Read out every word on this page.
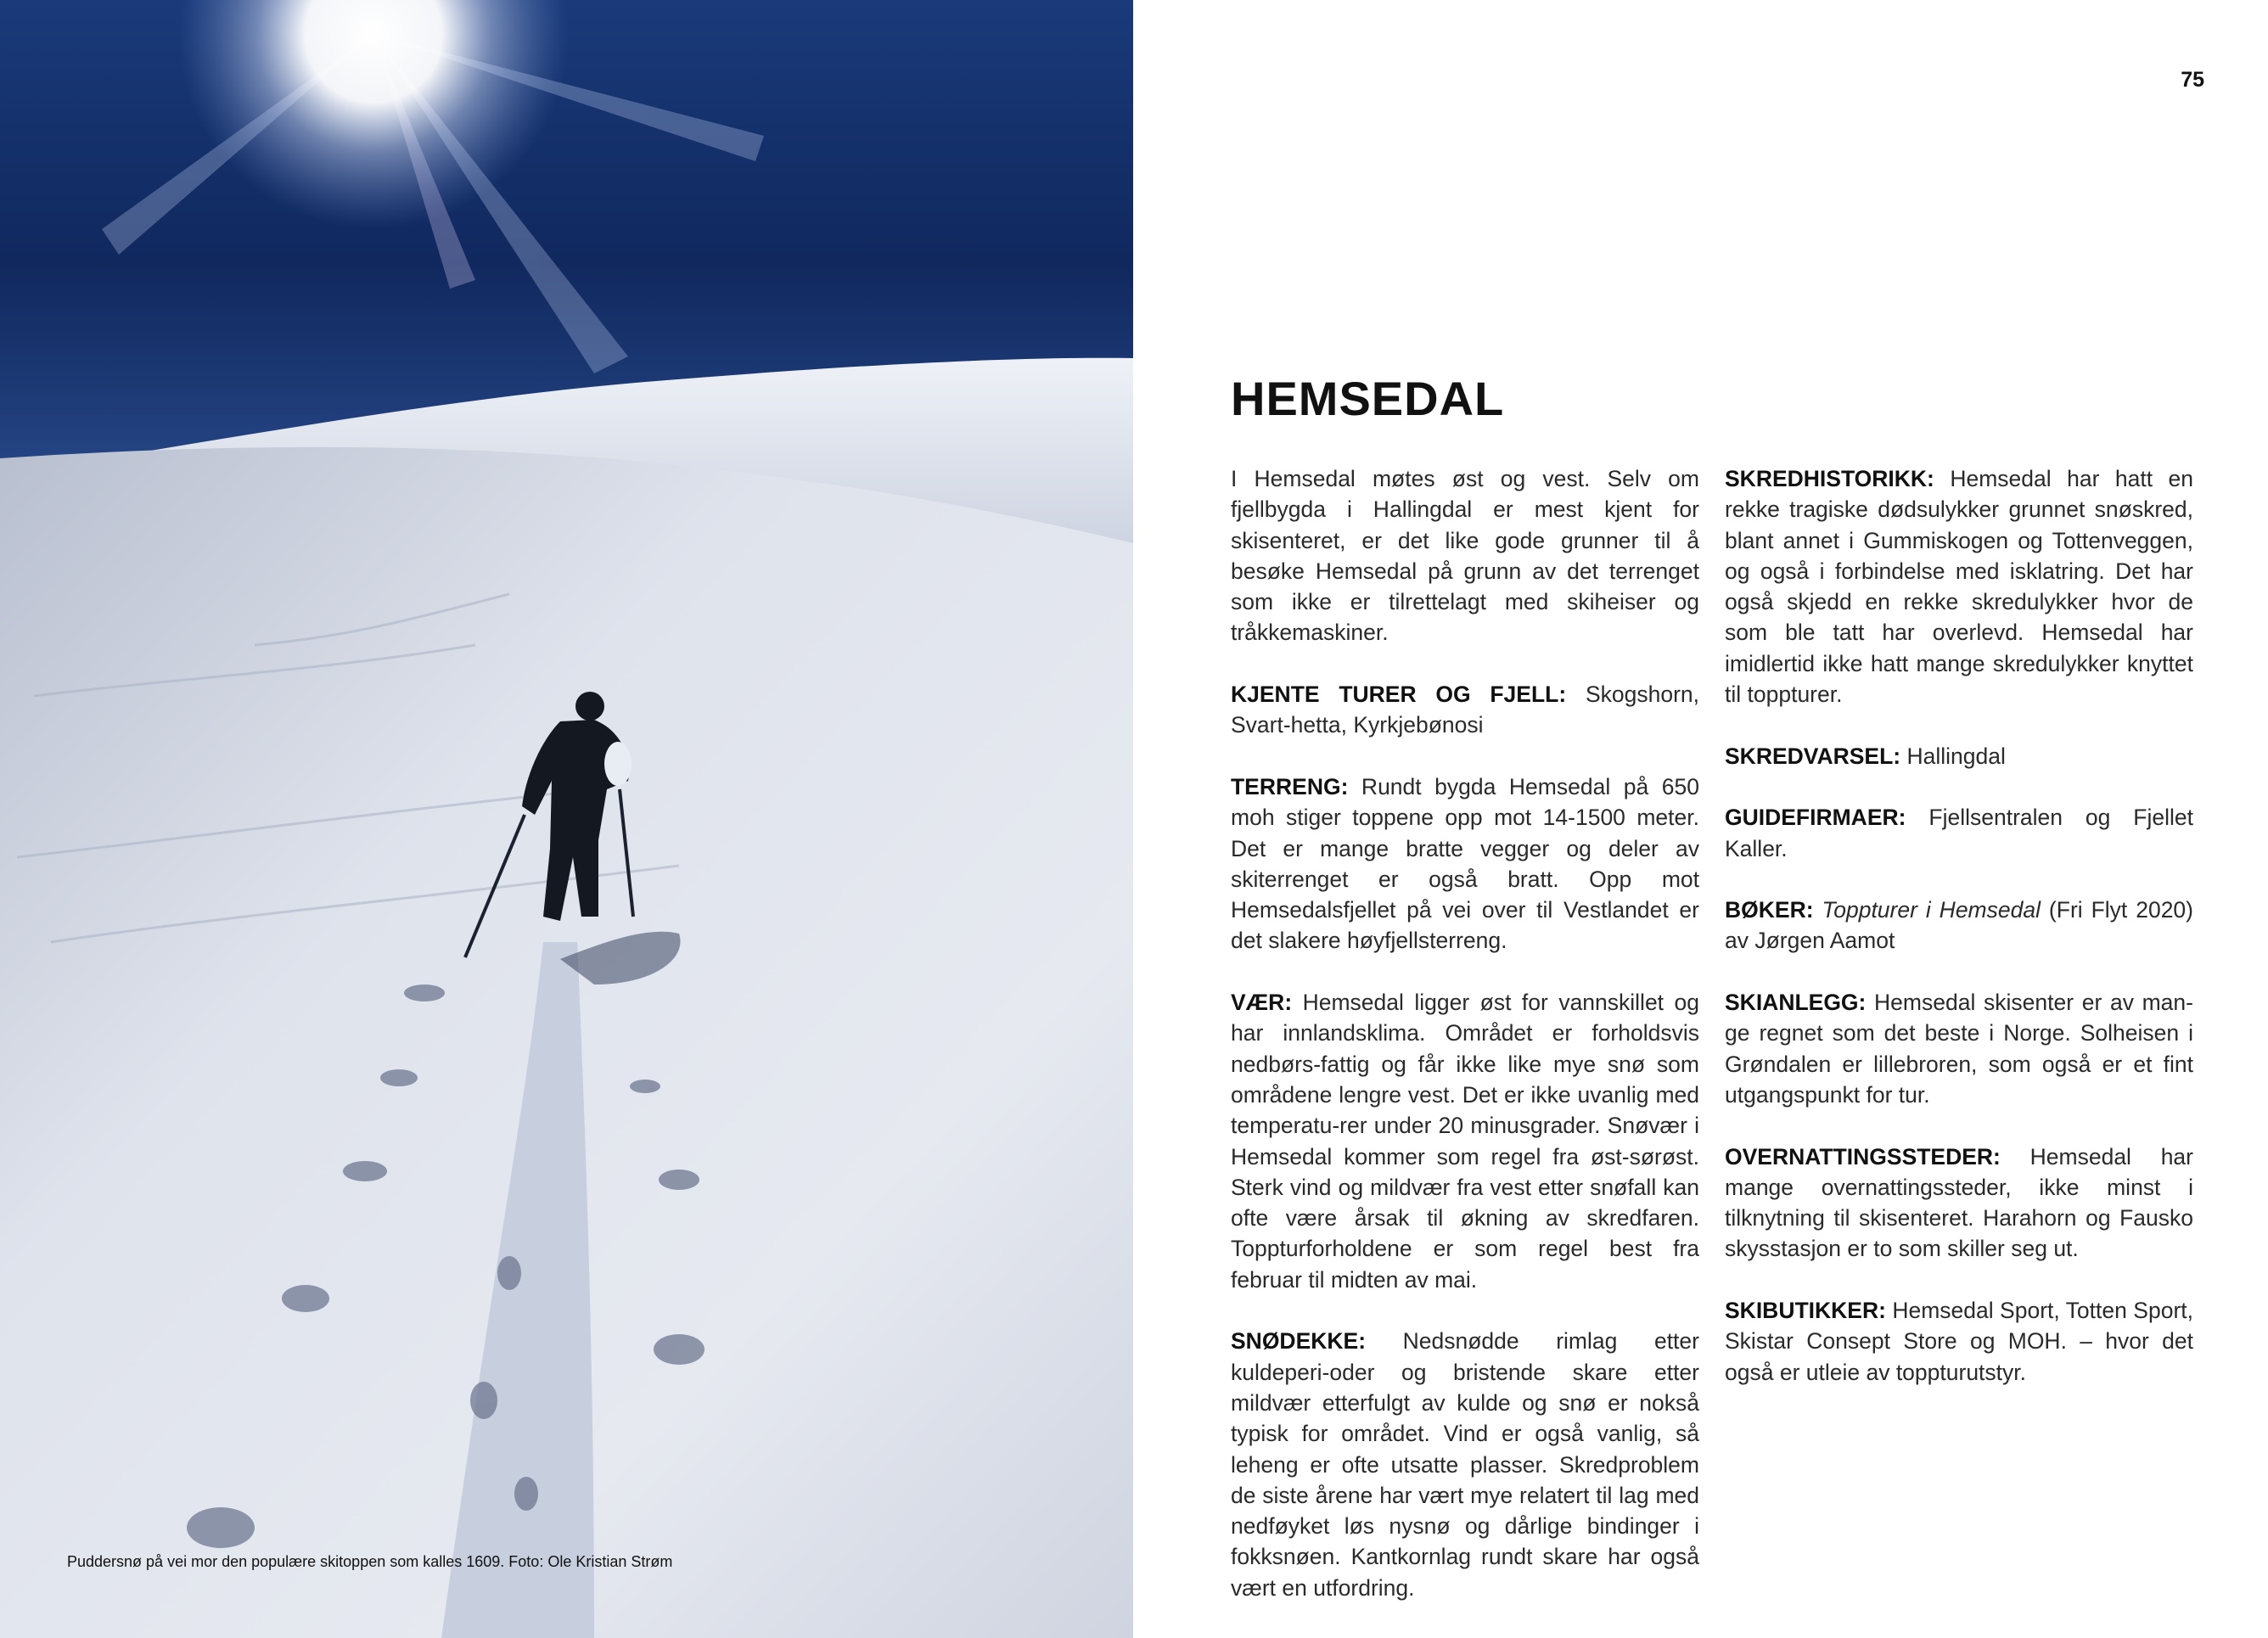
Puddersnø på vei mor den populære skitoppen som kalles 1609. Foto: Ole Kristian Strøm
75
HEMSEDAL

I Hemsedal møtes øst og vest. Selv om fjellbygda i Hallingdal er mest kjent for skisenteret, er det like gode grunner til å besøke Hemsedal på grunn av det terrenget som ikke er tilrettelagt med skiheiser og tråkkemaskiner.

KJENTE TURER OG FJELL: Skogshorn, Svart-hetta, Kyrkjebønosi

TERRENG: Rundt bygda Hemsedal på 650 moh stiger toppene opp mot 14-1500 meter. Det er mange bratte vegger og deler av skiterrenget er også bratt. Opp mot Hemsedalsfjellet på vei over til Vestlandet er det slakere høyfjellsterreng.

VÆR: Hemsedal ligger øst for vannskillet og har innlandsklima. Området er forholdsvis nedbørs-fattig og får ikke like mye snø som områdene lengre vest. Det er ikke uvanlig med temperatu-rer under 20 minusgrader. Snøvær i Hemsedal kommer som regel fra øst-sørøst. Sterk vind og mildvær fra vest etter snøfall kan ofte være årsak til økning av skredfaren. Toppturforholdene er som regel best fra februar til midten av mai.

SNØDEKKE: Nedsnødde rimlag etter kuldeperi-oder og bristende skare etter mildvær etterfulgt av kulde og snø er nokså typisk for området. Vind er også vanlig, så leheng er ofte utsatte plasser. Skredproblem de siste årene har vært mye relatert til lag med nedføyket løs nysnø og dårlige bindinger i fokksnøen. Kantkornlag rundt skare har også vært en utfordring.

SKREDHISTORIKK: Hemsedal har hatt en rekke tragiske dødsulykker grunnet snøskred, blant annet i Gummiskogen og Tottenveggen, og også i forbindelse med isklatring. Det har også skjedd en rekke skredulykker hvor de som ble tatt har overlevd. Hemsedal har imidlertid ikke hatt mange skredulykker knyttet til toppturer.

SKREDVARSEL: Hallingdal

GUIDEFIRMAER: Fjellsentralen og Fjellet Kaller.

BØKER: Toppturer i Hemsedal (Fri Flyt 2020) av Jørgen Aamot

SKIANLEGG: Hemsedal skisenter er av man-ge regnet som det beste i Norge. Solheisen i Grøndalen er lillebroren, som også er et fint utgangspunkt for tur.

OVERNATTINGSSTEDER: Hemsedal har mange overnattingssteder, ikke minst i tilknytning til skisenteret. Harahorn og Fausko skysstasjon er to som skiller seg ut.

SKIBUTIKKER: Hemsedal Sport, Totten Sport, Skistar Consept Store og MOH. – hvor det også er utleie av toppturutstyr.
